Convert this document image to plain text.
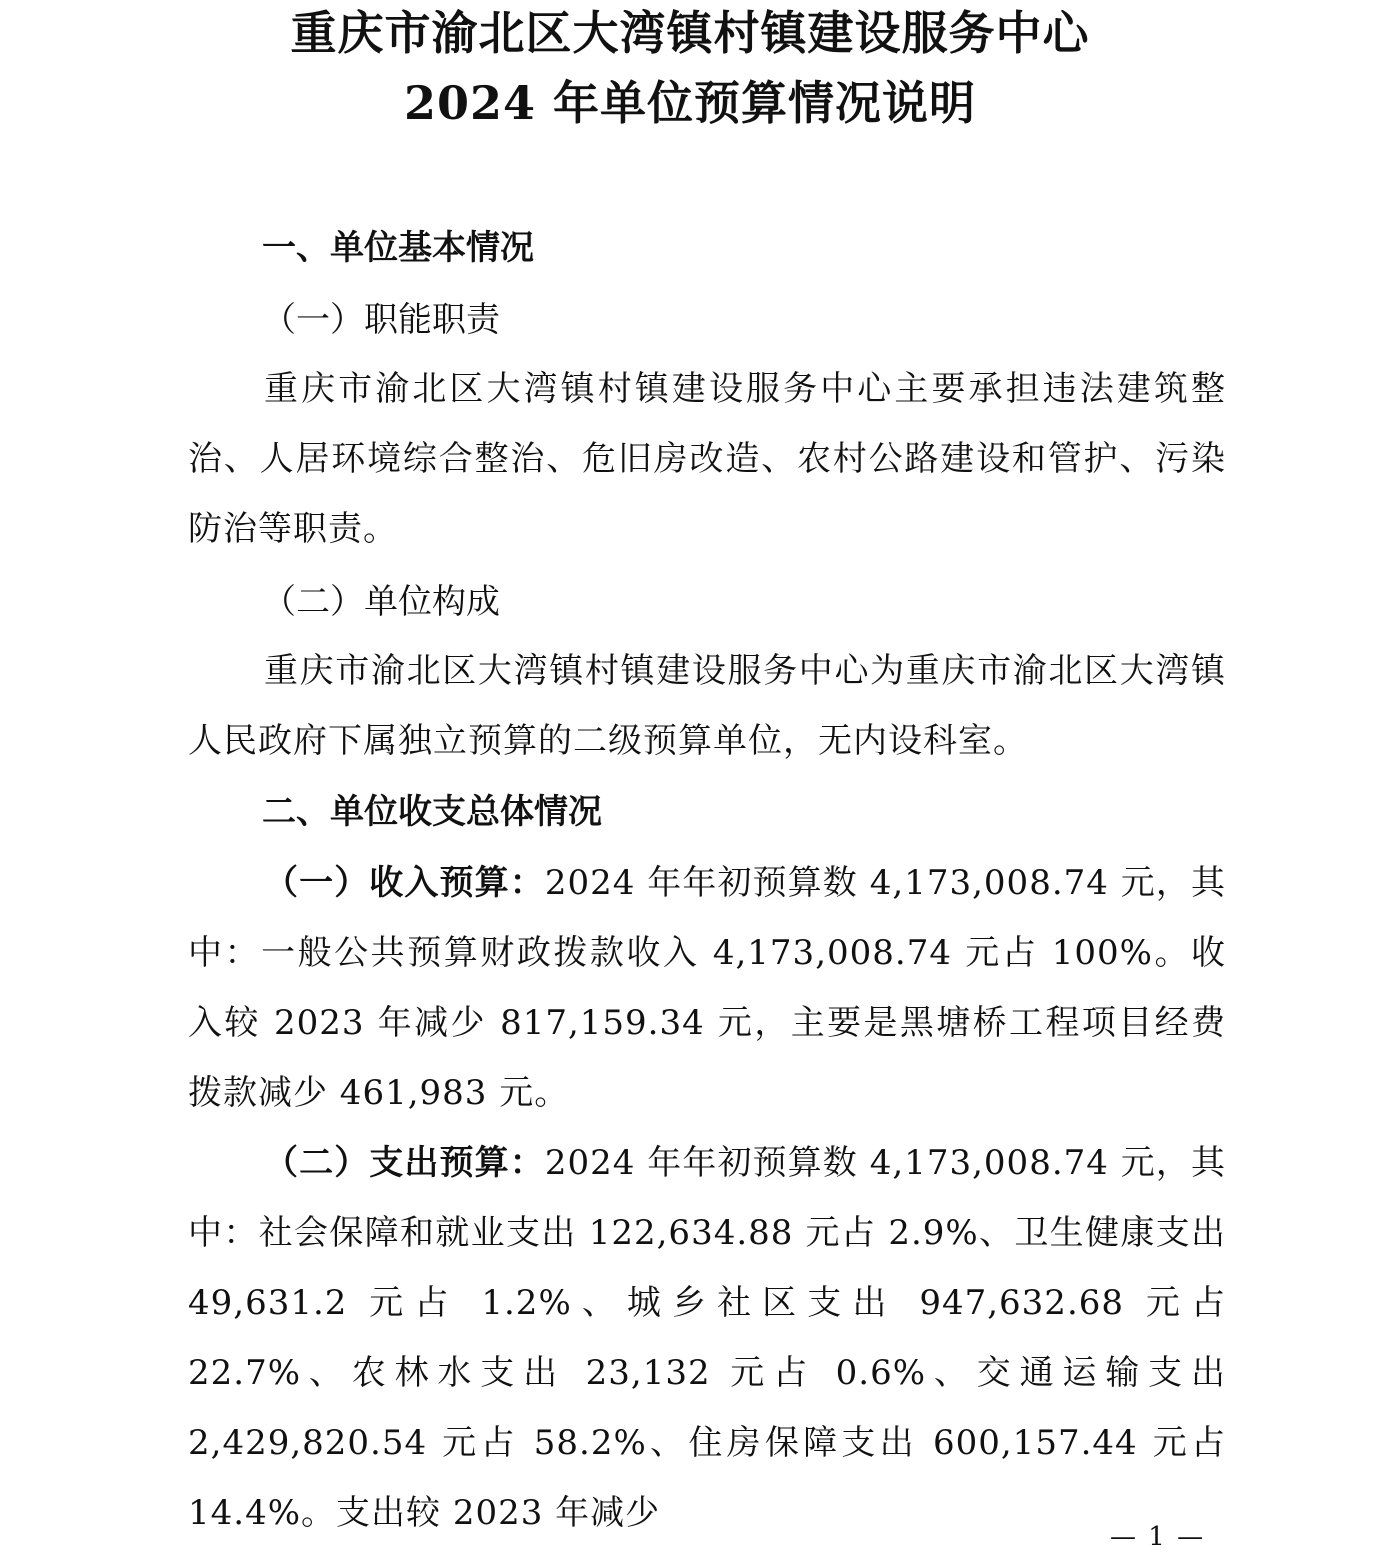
重庆市渝北区大湾镇村镇建设服务中心
2024 年单位预算情况说明
一、单位基本情况
（一）职能职责
重庆市渝北区大湾镇村镇建设服务中心主要承担违法建筑整治、人居环境综合整治、危旧房改造、农村公路建设和管护、污染防治等职责。
（二）单位构成
重庆市渝北区大湾镇村镇建设服务中心为重庆市渝北区大湾镇人民政府下属独立预算的二级预算单位，无内设科室。
二、单位收支总体情况
（一）收入预算：2024 年年初预算数 4,173,008.74 元，其中：一般公共预算财政拨款收入 4,173,008.74 元占 100%。收入较 2023 年减少 817,159.34 元，主要是黑塘桥工程项目经费拨款减少 461,983 元。
（二）支出预算：2024 年年初预算数 4,173,008.74 元，其中：社会保障和就业支出 122,634.88 元占 2.9%、卫生健康支出 49,631.2 元占 1.2%、城乡社区支出 947,632.68 元占 22.7%、农林水支出 23,132 元占 0.6%、交通运输支出 2,429,820.54 元占 58.2%、住房保障支出 600,157.44 元占 14.4%。支出较 2023 年减少
— 1 —
